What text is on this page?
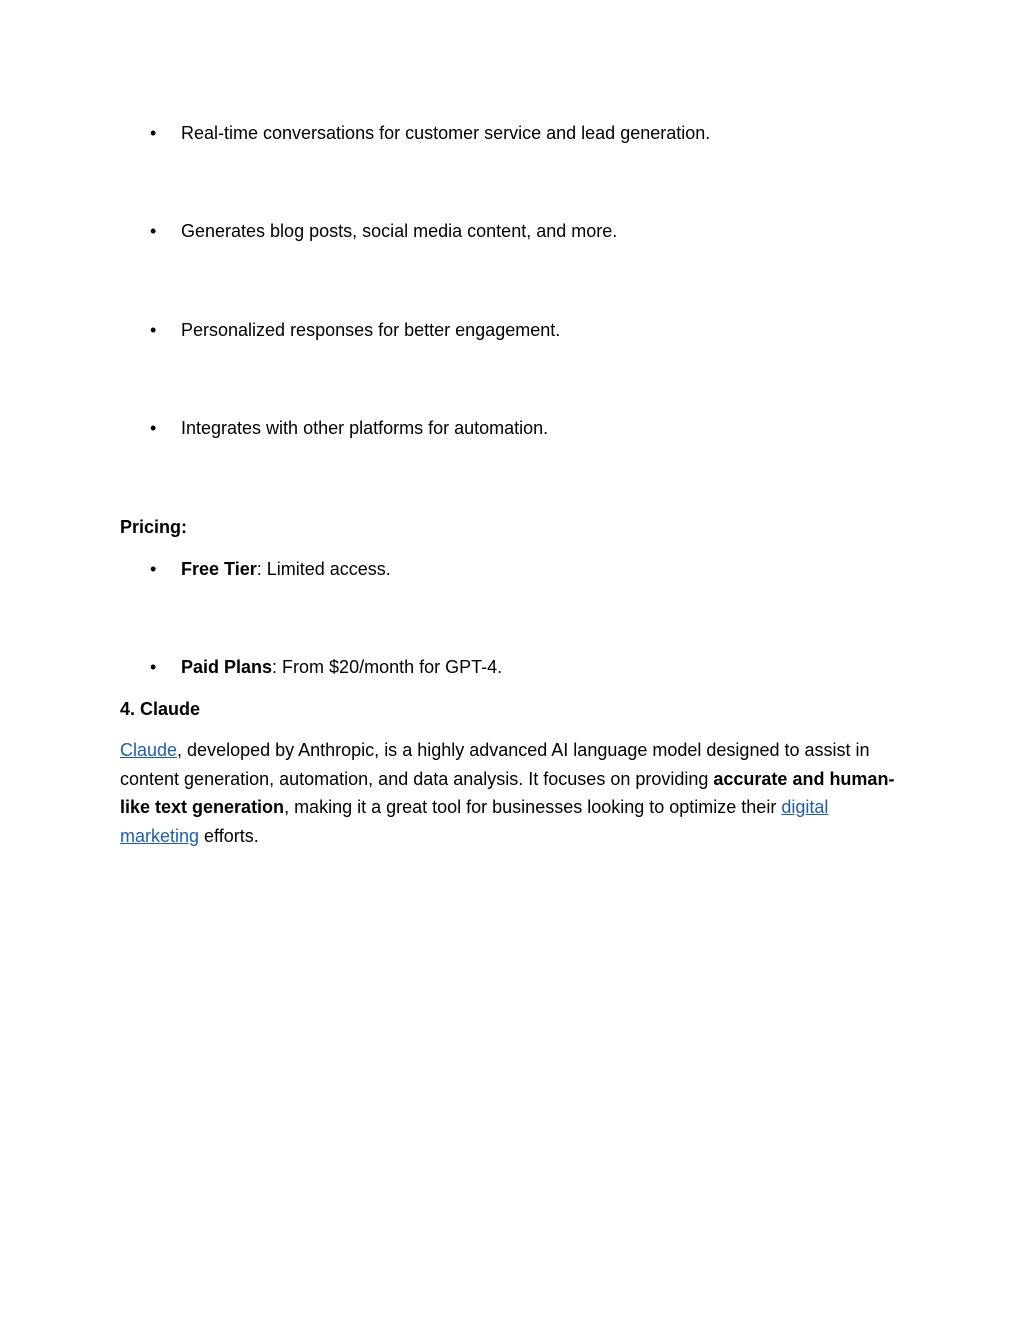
• Real-time conversations for customer service and lead generation.
• Generates blog posts, social media content, and more.
• Personalized responses for better engagement.
• Integrates with other platforms for automation.
Pricing:
• Free Tier: Limited access.
• Paid Plans: From $20/month for GPT-4.
4. Claude

Claude, developed by Anthropic, is a highly advanced AI language model designed to assist in content generation, automation, and data analysis. It focuses on providing accurate and human-like text generation, making it a great tool for businesses looking to optimize their digital marketing efforts.
